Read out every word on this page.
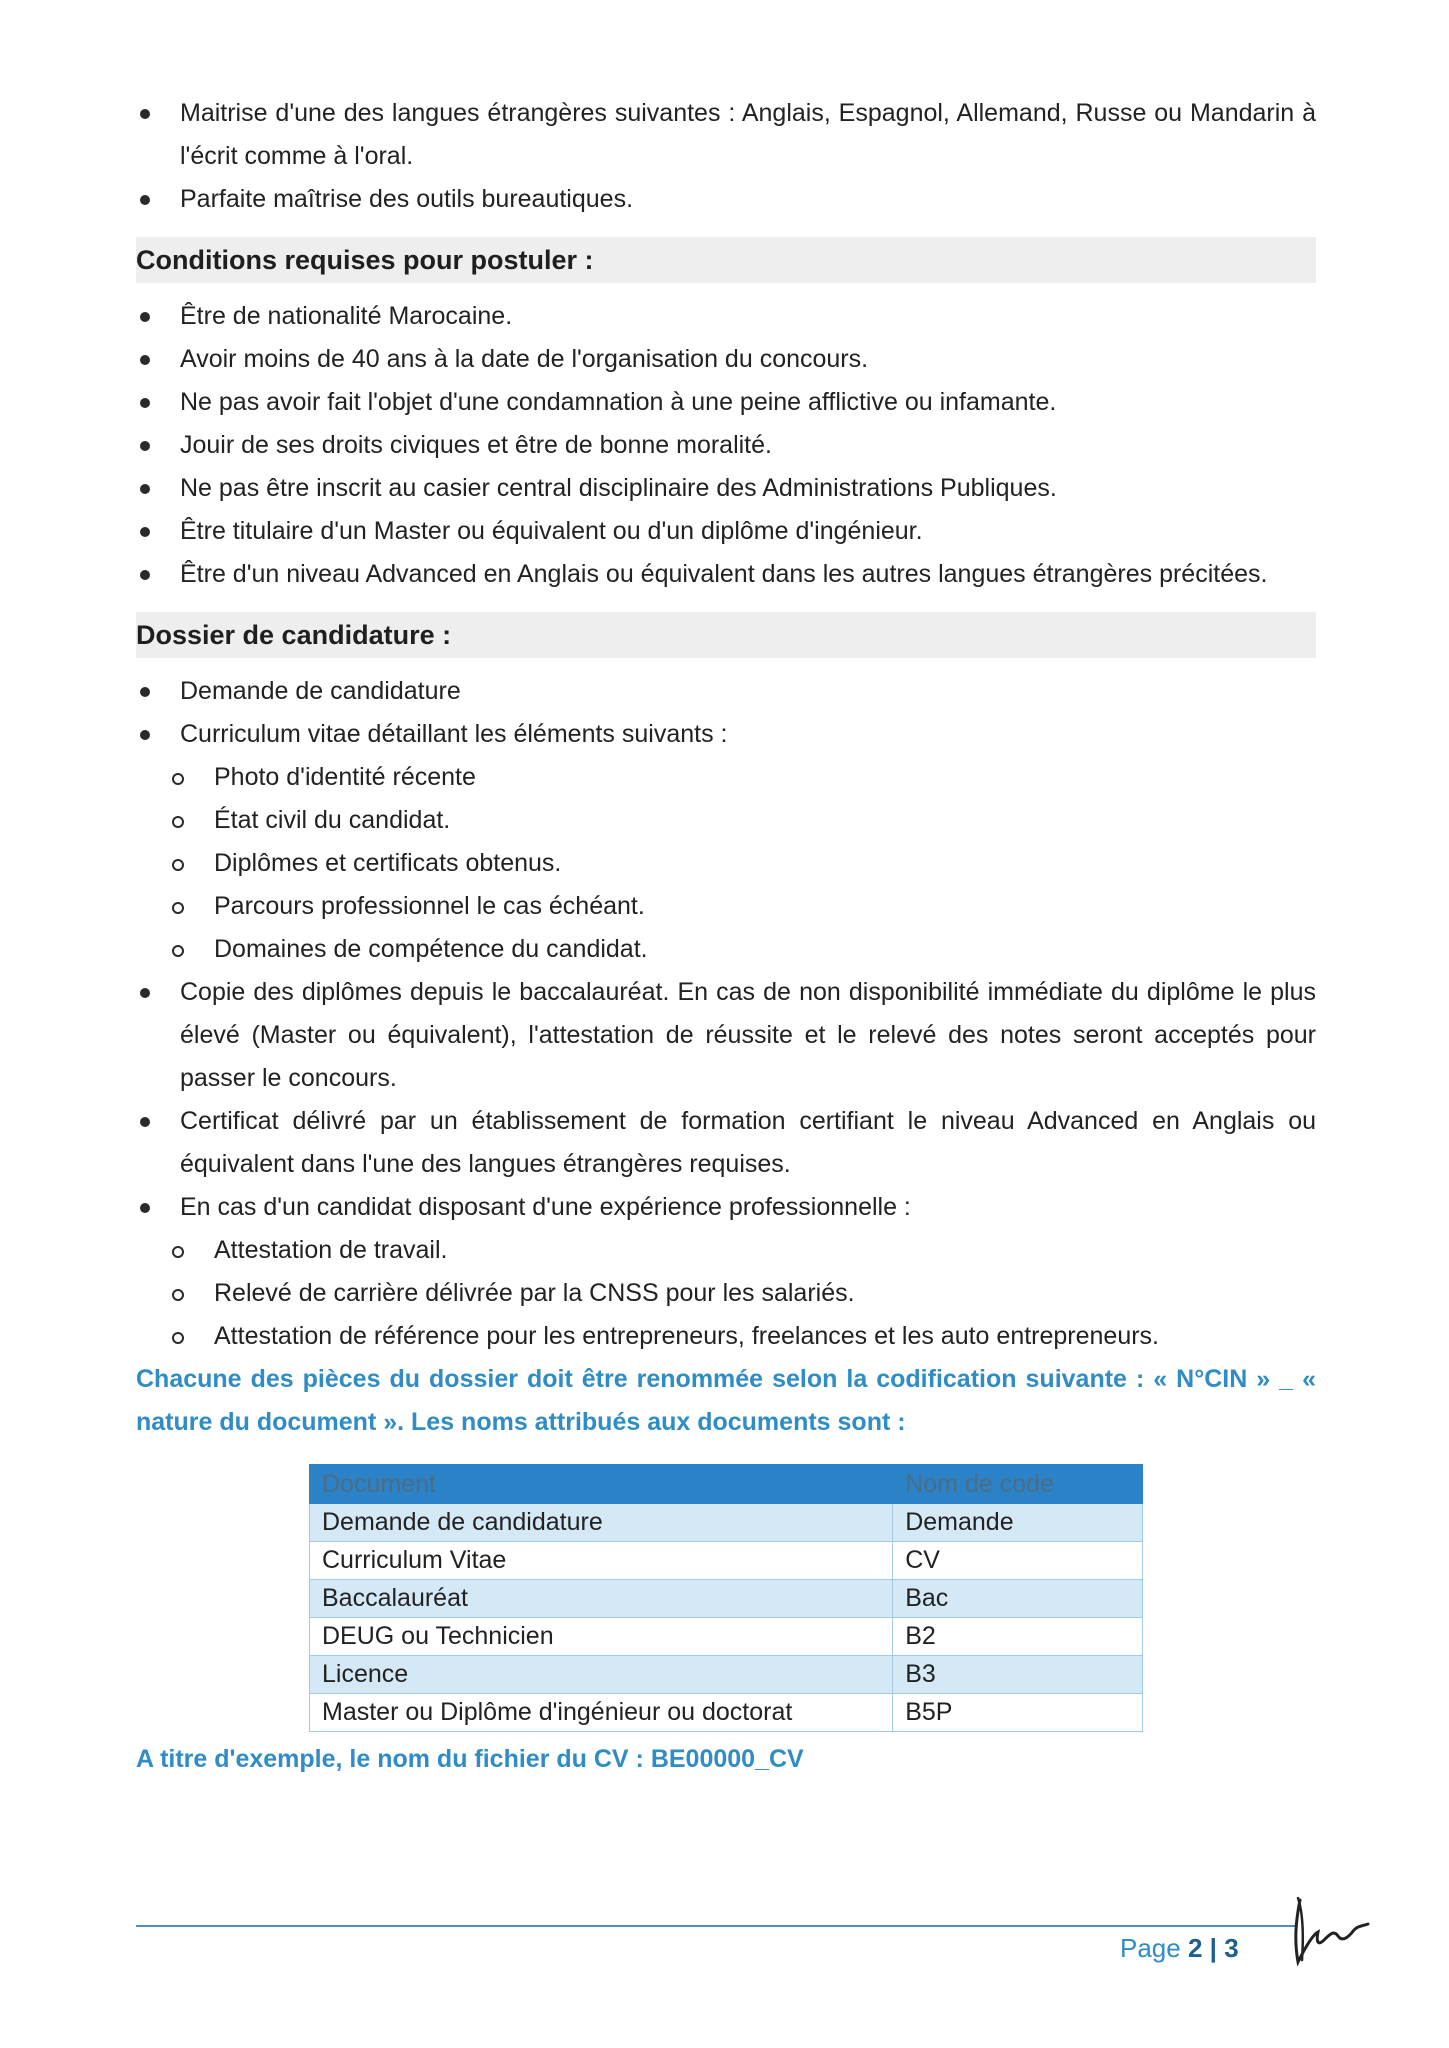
Maitrise d'une des langues étrangères suivantes : Anglais, Espagnol, Allemand, Russe ou Mandarin à l'écrit comme à l'oral.
Parfaite maîtrise des outils bureautiques.
Conditions requises pour postuler :
Être de nationalité Marocaine.
Avoir moins de 40 ans à la date de l'organisation du concours.
Ne pas avoir fait l'objet d'une condamnation à une peine afflictive ou infamante.
Jouir de ses droits civiques et être de bonne moralité.
Ne pas être inscrit au casier central disciplinaire des Administrations Publiques.
Être titulaire d'un Master ou équivalent ou d'un diplôme d'ingénieur.
Être d'un niveau Advanced en Anglais ou équivalent dans les autres langues étrangères précitées.
Dossier de candidature :
Demande de candidature
Curriculum vitae détaillant les éléments suivants :
Photo d'identité récente
État civil du candidat.
Diplômes et certificats obtenus.
Parcours professionnel le cas échéant.
Domaines de compétence du candidat.
Copie des diplômes depuis le baccalauréat. En cas de non disponibilité immédiate du diplôme le plus élevé (Master ou équivalent), l'attestation de réussite et le relevé des notes seront acceptés pour passer le concours.
Certificat délivré par un établissement de formation certifiant le niveau Advanced en Anglais ou équivalent dans l'une des langues étrangères requises.
En cas d'un candidat disposant d'une expérience professionnelle :
Attestation de travail.
Relevé de carrière délivrée par la CNSS pour les salariés.
Attestation de référence pour les entrepreneurs, freelances et les auto entrepreneurs.
Chacune des pièces du dossier doit être renommée selon la codification suivante : « N°CIN » _ « nature du document ». Les noms attribués aux documents sont :
Document	Nom de code
Demande de candidature	Demande
Curriculum Vitae	CV
Baccalauréat	Bac
DEUG ou Technicien	B2
Licence	B3
Master ou Diplôme d'ingénieur ou doctorat	B5P
A titre d'exemple, le nom du fichier du CV : BE00000_CV
Page 2 | 3
